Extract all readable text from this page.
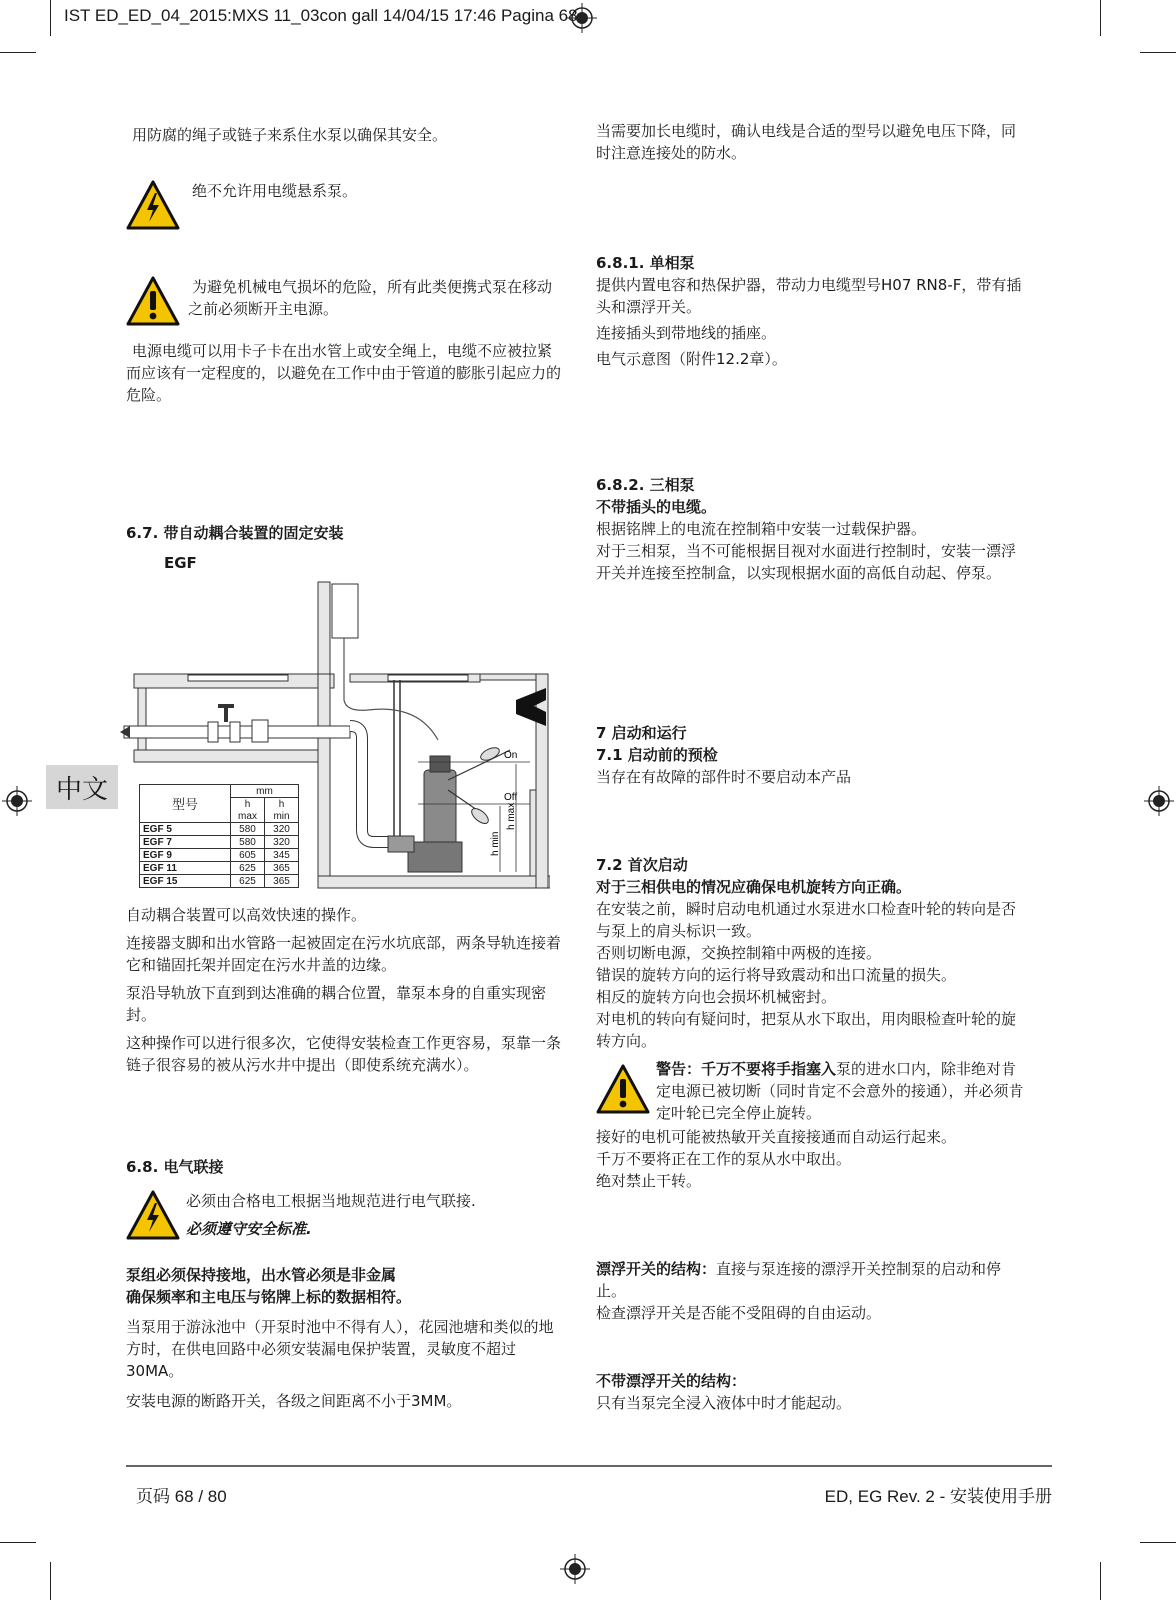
IST ED_ED_04_2015:MXS 11_03con gall 14/04/15 17:46 Pagina 68
中文

用防腐的绳子或链子来系住水泵以确保其安全。

绝不允许用电缆悬系泵。

为避免机械电气损坏的危险，所有此类便携式泵在移动之前必须断开主电源。

电源电缆可以用卡子卡在出水管上或安全绳上，电缆不应被拉紧而应该有一定程度的，以避免在工作中由于管道的膨胀引起应力的危险。

6.7. 带自动耦合装置的固定安装
EGF
On
Off
h min
h max
型号	mm	
	h	h
	max	min
EGF 5	580	320
EGF 7	580	320
EGF 9	605	345
EGF 11	625	365
EGF 15	625	365

自动耦合装置可以高效快速的操作。

连接器支脚和出水管路一起被固定在污水坑底部，两条导轨连接着它和锚固托架并固定在污水井盖的边缘。

泵沿导轨放下直到到达准确的耦合位置，靠泵本身的自重实现密封。

这种操作可以进行很多次，它使得安装检查工作更容易，泵靠一条链子很容易的被从污水井中提出（即使系统充满水）。

6.8. 电气联接

必须由合格电工根据当地规范进行电气联接.

必须遵守安全标准.

泵组必须保持接地，出水管必须是非金属

确保频率和主电压与铭牌上标的数据相符。

当泵用于游泳池中（开泵时池中不得有人），花园池塘和类似的地方时，在供电回路中必须安装漏电保护装置，灵敏度不超过30MA。

安装电源的断路开关，各级之间距离不小于3MM。

当需要加长电缆时，确认电线是合适的型号以避免电压下降，同时注意连接处的防水。

6.8.1. 单相泵

提供内置电容和热保护器，带动力电缆型号H07 RN8-F，带有插头和漂浮开关。

连接插头到带地线的插座。

电气示意图（附件12.2章）。

6.8.2. 三相泵

不带插头的电缆。

根据铭牌上的电流在控制箱中安装一过载保护器。

对于三相泵，当不可能根据目视对水面进行控制时，安装一漂浮开关并连接至控制盒，以实现根据水面的高低自动起、停泵。

7 启动和运行

7.1 启动前的预检

当存在有故障的部件时不要启动本产品

7.2 首次启动

对于三相供电的情况应确保电机旋转方向正确。

在安装之前，瞬时启动电机通过水泵进水口检查叶轮的转向是否与泵上的肩头标识一致。

否则切断电源，交换控制箱中两极的连接。

错误的旋转方向的运行将导致震动和出口流量的损失。

相反的旋转方向也会损坏机械密封。

对电机的转向有疑问时，把泵从水下取出，用肉眼检查叶轮的旋转方向。

警告：千万不要将手指塞入泵的进水口内，除非绝对肯定电源已被切断（同时肯定不会意外的接通），并必须肯定叶轮已完全停止旋转。

接好的电机可能被热敏开关直接接通而自动运行起来。

千万不要将正在工作的泵从水中取出。

绝对禁止干转。

漂浮开关的结构：直接与泵连接的漂浮开关控制泵的启动和停止。

检查漂浮开关是否能不受阻碍的自由运动。

不带漂浮开关的结构：

只有当泵完全浸入液体中时才能起动。

页码 68 / 80	ED, EG Rev. 2 - 安装使用手册
